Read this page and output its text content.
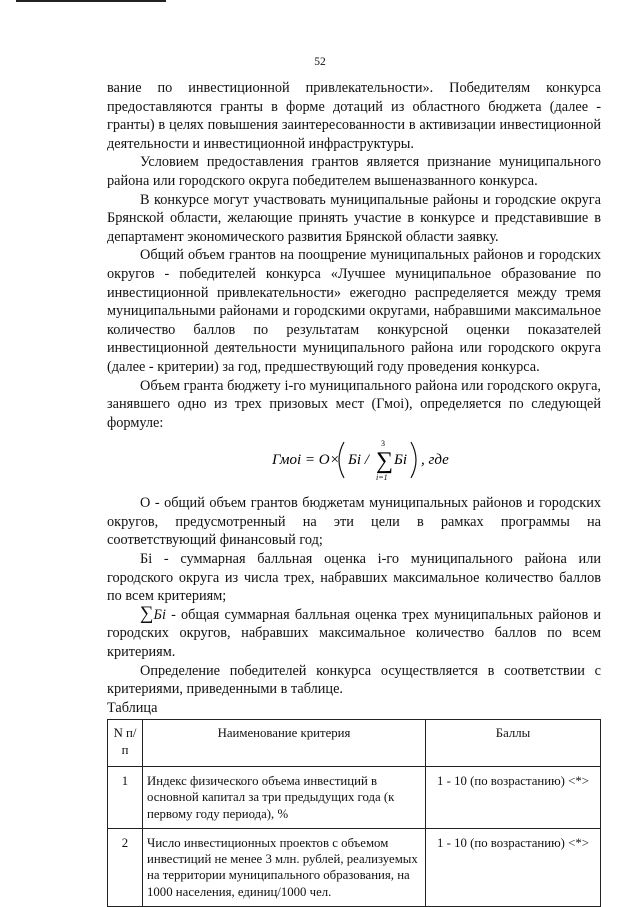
52

вание по инвестиционной привлекательности». Победителям конкурса предоставляются гранты в форме дотаций из областного бюджета (далее - гранты) в целях повышения заинтересованности в активизации инвестиционной деятельности и инвестиционной инфраструктуры.

Условием предоставления грантов является признание муниципального района или городского округа победителем вышеназванного конкурса.

В конкурсе могут участвовать муниципальные районы и городские округа Брянской области, желающие принять участие в конкурсе и представившие в департамент экономического развития Брянской области заявку.

Общий объем грантов на поощрение муниципальных районов и городских округов - победителей конкурса «Лучшее муниципальное образование по инвестиционной привлекательности» ежегодно распределяется между тремя муниципальными районами и городскими округами, набравшими максимальное количество баллов по результатам конкурсной оценки показателей инвестиционной деятельности муниципального района или городского округа (далее - критерии) за год, предшествующий году проведения конкурса.

Объем гранта бюджету i-го муниципального района или городского округа, занявшего одно из трех призовых мест (Гмоi), определяется по следующей формуле:

Гмоi = О× Бi / ∑
3
i=1
Бi , где

О - общий объем грантов бюджетам муниципальных районов и городских округов, предусмотренный на эти цели в рамках программы на соответствующий финансовый год;

Бi - суммарная балльная оценка i-го муниципального района или городского округа из числа трех, набравших максимальное количество баллов по всем критериям;

∑Бi - общая суммарная балльная оценка трех муниципальных районов и городских округов, набравших максимальное количество баллов по всем критериям.

Определение победителей конкурса осуществляется в соответствии с критериями, приведенными в таблице.

Таблица

N п/п	Наименование критерия	Баллы
1	Индекс физического объема инвестиций в основной капитал за три предыдущих года (к первому году периода), %	1 - 10 (по возрастанию) <*>
2	Число инвестиционных проектов с объемом инвестиций не менее 3 млн. рублей, реализуемых на территории муниципального образования, на 1000 населения, единиц/1000 чел.	1 - 10 (по возрастанию) <*>
